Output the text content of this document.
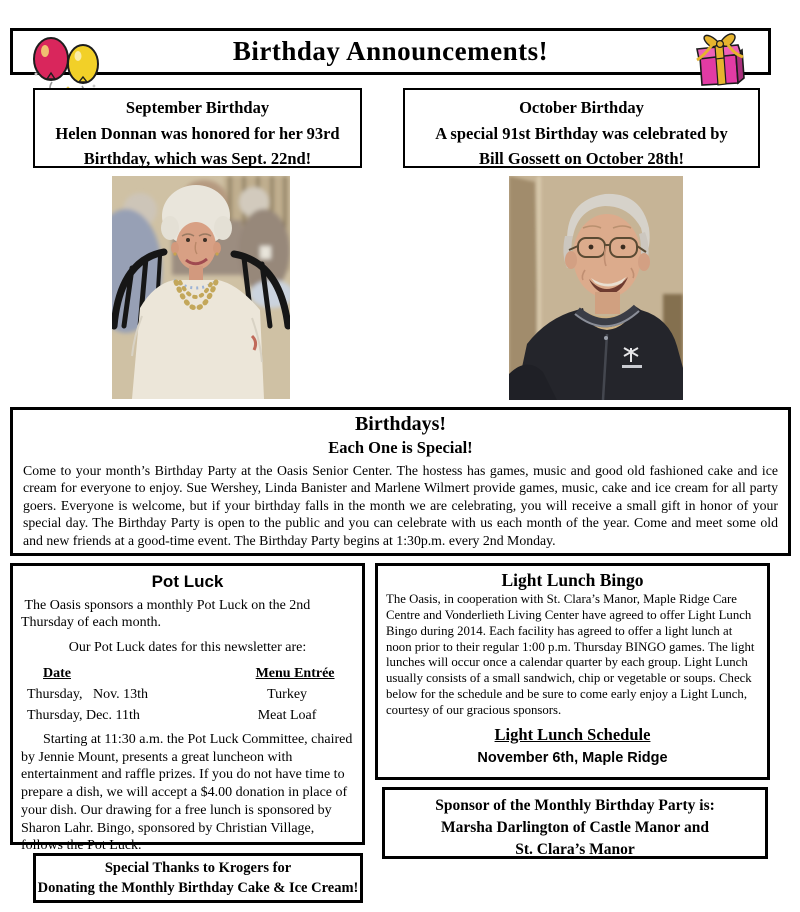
Birthday Announcements!
September Birthday
Helen Donnan was honored for her 93rd
Birthday, which was Sept. 22nd!
October Birthday
A special 91st Birthday was celebrated by
Bill Gossett on October 28th!
Birthdays!
Each One is Special!
Come to your month’s Birthday Party at the Oasis Senior Center. The hostess has games, music and good old fashioned cake and ice cream for everyone to enjoy. Sue Wershey, Linda Banister and Marlene Wilmert provide games, music, cake and ice cream for all party goers. Everyone is welcome, but if your birthday falls in the month we are celebrating, you will receive a small gift in honor of your special day. The Birthday Party is open to the public and you can celebrate with us each month of the year. Come and meet some old and new friends at a good-time event. The Birthday Party begins at 1:30p.m. every 2nd Monday.
Pot Luck
The Oasis sponsors a monthly Pot Luck on the 2nd Thursday of each month.
Our Pot Luck dates for this newsletter are:
Date	Menu Entrée
Thursday,   Nov. 13th	Turkey
Thursday, Dec. 11th	Meat Loaf
Starting at 11:30 a.m. the Pot Luck Committee, chaired by Jennie Mount, presents a great luncheon with entertainment and raffle prizes. If you do not have time to prepare a dish, we will accept a $4.00 donation in place of your dish. Our drawing for a free lunch is sponsored by Sharon Lahr. Bingo, sponsored by Christian Village, follows the Pot Luck.
Light Lunch Bingo
The Oasis, in cooperation with St. Clara’s Manor, Maple Ridge Care Centre and Vonderlieth Living Center have agreed to offer Light Lunch Bingo during 2014. Each facility has agreed to offer a light lunch at noon prior to their regular 1:00 p.m. Thursday BINGO games. The light lunches will occur once a calendar quarter by each group. Light Lunch usually consists of a small sandwich, chip or vegetable or soups. Check below for the schedule and be sure to come early enjoy a Light Lunch, courtesy of our gracious sponsors.
Light Lunch Schedule
November 6th, Maple Ridge
Sponsor of the Monthly Birthday Party is:
Marsha Darlington of Castle Manor and
St. Clara’s Manor
Special Thanks to Krogers for
Donating the Monthly Birthday Cake & Ice Cream!
